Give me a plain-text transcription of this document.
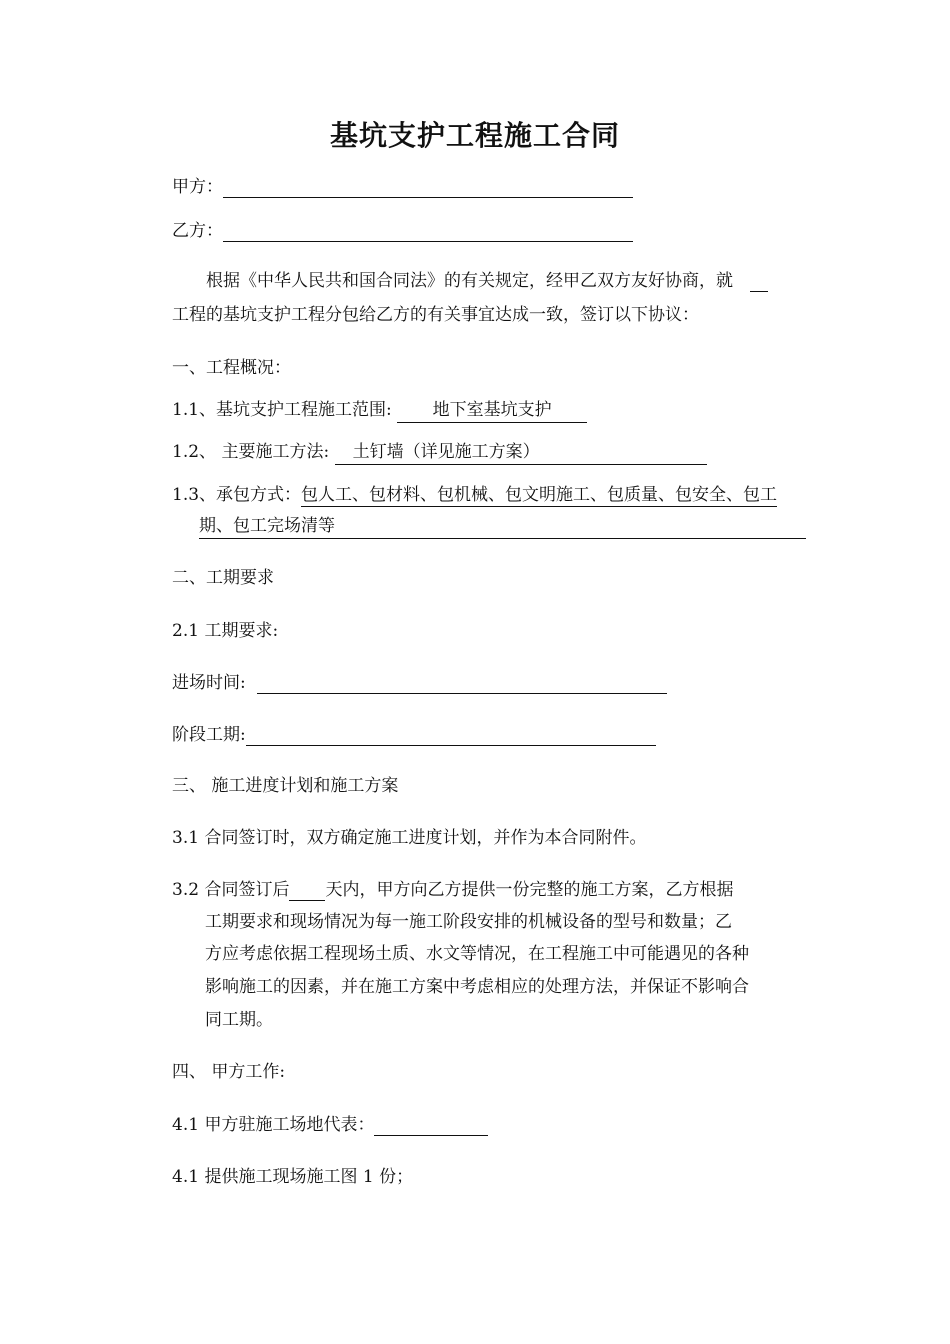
基坑支护工程施工合同
甲方：
乙方：
根据《中华人民共和国合同法》的有关规定，经甲乙双方友好协商，就
工程的基坑支护工程分包给乙方的有关事宜达成一致，签订以下协议：
一、工程概况：
1.1、基坑支护工程施工范围: 地下室基坑支护
1.2、 主要施工方法: 土钉墙（详见施工方案）
1.3、承包方式：包人工、包材料、包机械、包文明施工、包质量、包安全、包工
期、包工完场清等
二、工期要求
2.1 工期要求:
进场时间:
阶段工期:
三、 施工进度计划和施工方案
3.1 合同签订时，双方确定施工进度计划，并作为本合同附件。
3.2 合同签订后 天内，甲方向乙方提供一份完整的施工方案，乙方根据
工期要求和现场情况为每一施工阶段安排的机械设备的型号和数量；乙
方应考虑依据工程现场土质、水文等情况，在工程施工中可能遇见的各种
影响施工的因素，并在施工方案中考虑相应的处理方法，并保证不影响合
同工期。
四、 甲方工作:
4.1 甲方驻施工场地代表：
4.1 提供施工现场施工图 1 份；
